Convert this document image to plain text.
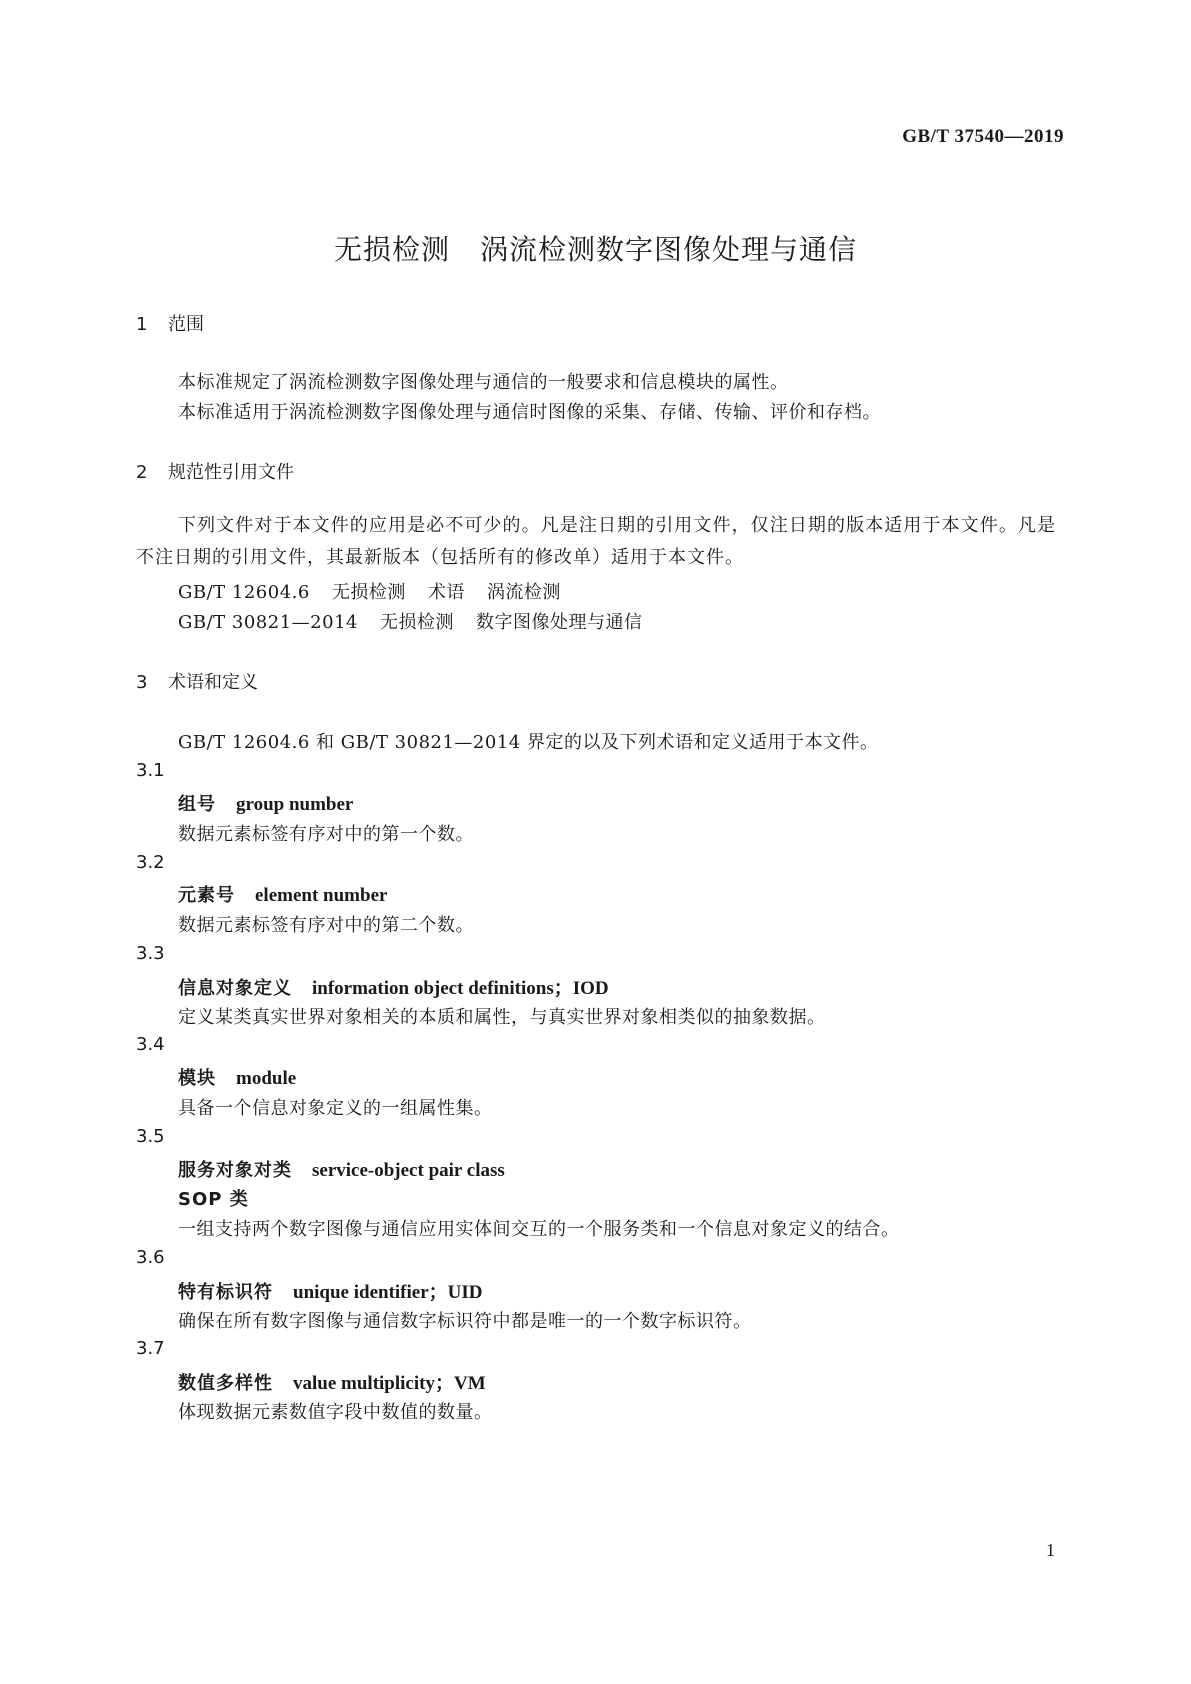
GB/T 37540—2019
无损检测 涡流检测数字图像处理与通信
1 范围
本标准规定了涡流检测数字图像处理与通信的一般要求和信息模块的属性。
本标准适用于涡流检测数字图像处理与通信时图像的采集、存储、传输、评价和存档。
2 规范性引用文件
下列文件对于本文件的应用是必不可少的。凡是注日期的引用文件，仅注日期的版本适用于本文件。凡是不注日期的引用文件，其最新版本（包括所有的修改单）适用于本文件。
GB/T 12604.6 无损检测 术语 涡流检测
GB/T 30821—2014 无损检测 数字图像处理与通信
3 术语和定义
GB/T 12604.6 和 GB/T 30821—2014 界定的以及下列术语和定义适用于本文件。
3.1
组号 group number
数据元素标签有序对中的第一个数。
3.2
元素号 element number
数据元素标签有序对中的第二个数。
3.3
信息对象定义 information object definitions；IOD
定义某类真实世界对象相关的本质和属性，与真实世界对象相类似的抽象数据。
3.4
模块 module
具备一个信息对象定义的一组属性集。
3.5
服务对象对类 service-object pair class
SOP 类
一组支持两个数字图像与通信应用实体间交互的一个服务类和一个信息对象定义的结合。
3.6
特有标识符 unique identifier；UID
确保在所有数字图像与通信数字标识符中都是唯一的一个数字标识符。
3.7
数值多样性 value multiplicity；VM
体现数据元素数值字段中数值的数量。
1
